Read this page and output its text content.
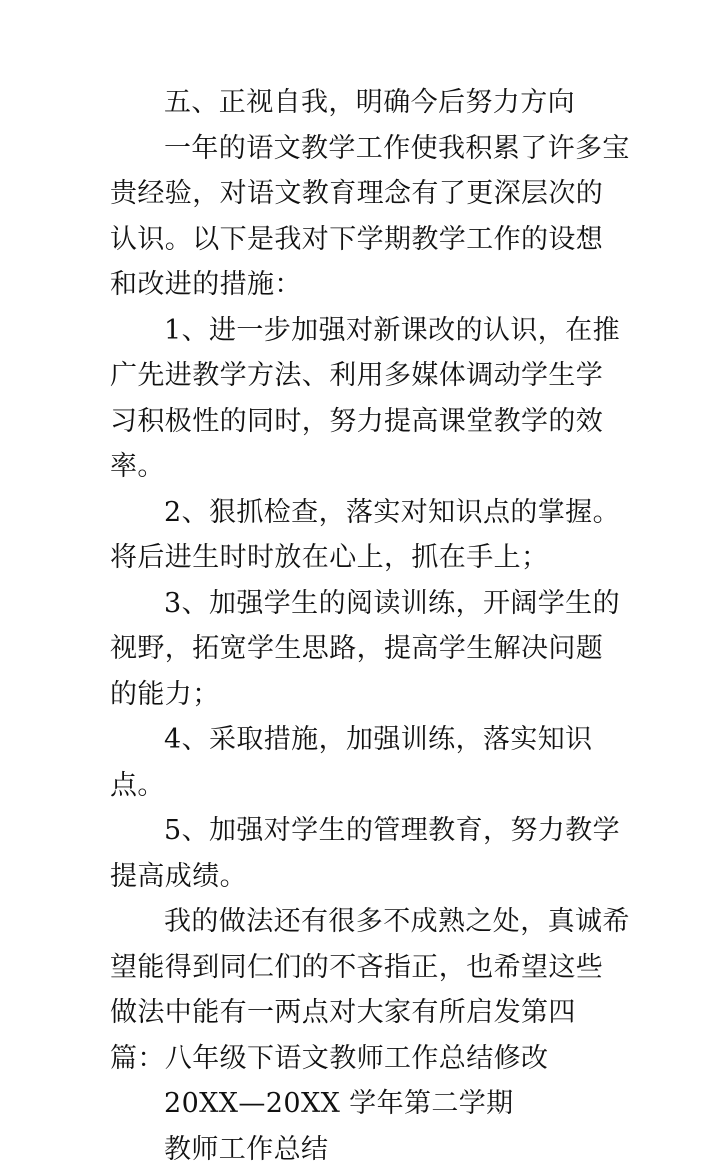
五、正视自我，明确今后努力方向

一年的语文教学工作使我积累了许多宝贵经验，对语文教育理念有了更深层次的认识。以下是我对下学期教学工作的设想和改进的措施：

1、进一步加强对新课改的认识，在推广先进教学方法、利用多媒体调动学生学习积极性的同时，努力提高课堂教学的效率。

2、狠抓检查，落实对知识点的掌握。将后进生时时放在心上，抓在手上；

3、加强学生的阅读训练，开阔学生的视野，拓宽学生思路，提高学生解决问题的能力；

4、采取措施，加强训练，落实知识点。

5、加强对学生的管理教育，努力教学提高成绩。

我的做法还有很多不成熟之处，真诚希望能得到同仁们的不吝指正，也希望这些做法中能有一两点对大家有所启发第四篇：八年级下语文教师工作总结修改

20XX—20XX 学年第二学期

教师工作总结
